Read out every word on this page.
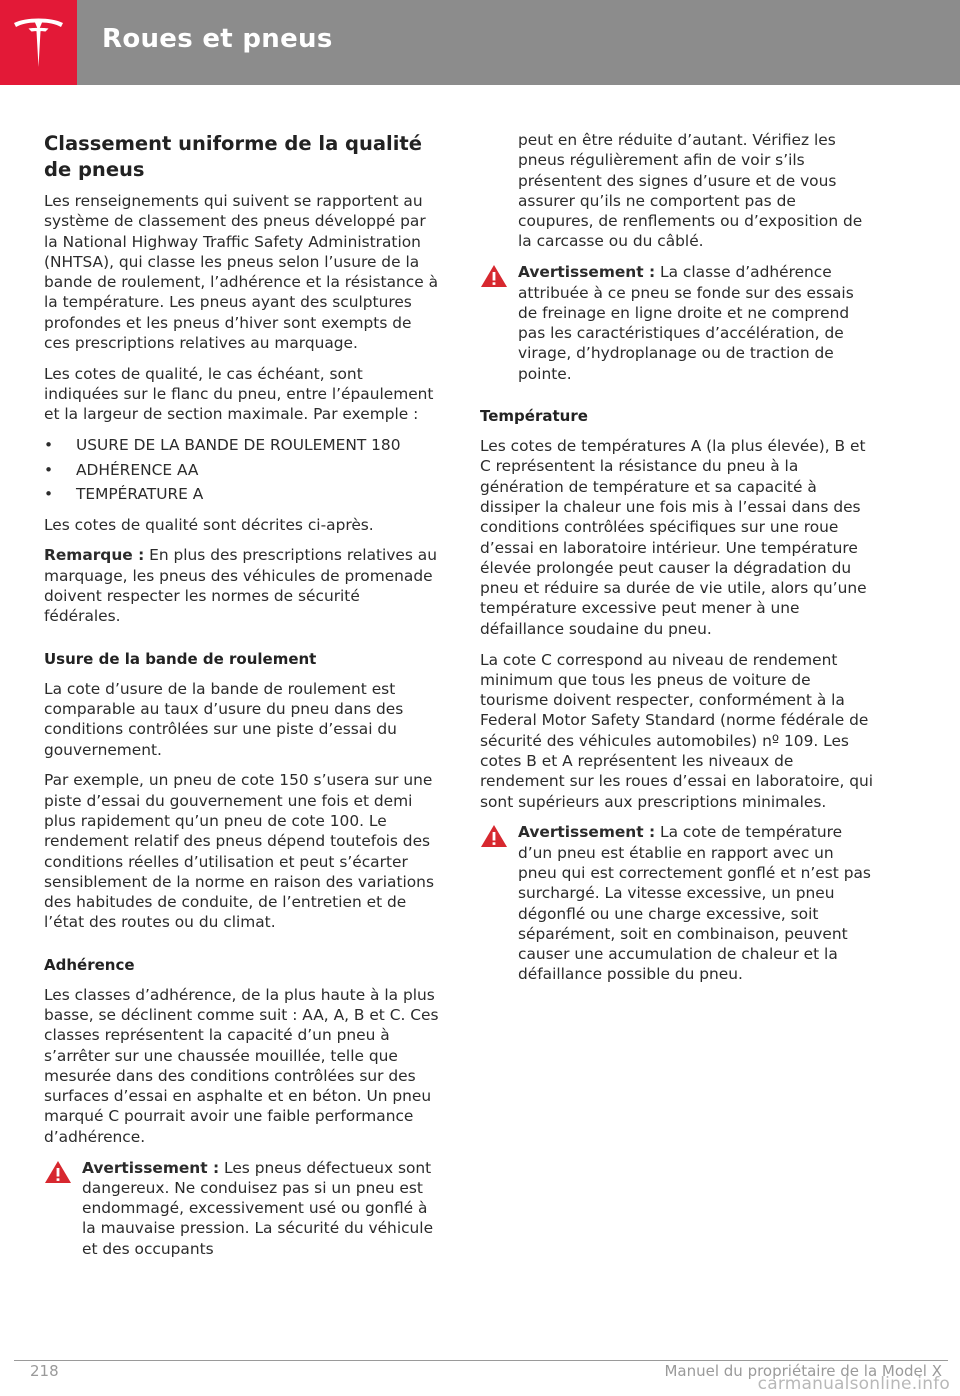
Roues et pneus
Classement uniforme de la qualité de pneus

Les renseignements qui suivent se rapportent au système de classement des pneus développé par la National Highway Traffic Safety Administration (NHTSA), qui classe les pneus selon l’usure de la bande de roulement, l’adhérence et la résistance à la température. Les pneus ayant des sculptures profondes et les pneus d’hiver sont exempts de ces prescriptions relatives au marquage.

Les cotes de qualité, le cas échéant, sont indiquées sur le flanc du pneu, entre l’épaulement et la largeur de section maximale. Par exemple :

• USURE DE LA BANDE DE ROULEMENT 180
• ADHÉRENCE AA
• TEMPÉRATURE A

Les cotes de qualité sont décrites ci-après.

Remarque : En plus des prescriptions relatives au marquage, les pneus des véhicules de promenade doivent respecter les normes de sécurité fédérales.

Usure de la bande de roulement

La cote d’usure de la bande de roulement est comparable au taux d’usure du pneu dans des conditions contrôlées sur une piste d’essai du gouvernement.

Par exemple, un pneu de cote 150 s’usera sur une piste d’essai du gouvernement une fois et demi plus rapidement qu’un pneu de cote 100. Le rendement relatif des pneus dépend toutefois des conditions réelles d’utilisation et peut s’écarter sensiblement de la norme en raison des variations des habitudes de conduite, de l’entretien et de l’état des routes ou du climat.

Adhérence

Les classes d’adhérence, de la plus haute à la plus basse, se déclinent comme suit : AA, A, B et C. Ces classes représentent la capacité d’un pneu à s’arrêter sur une chaussée mouillée, telle que mesurée dans des conditions contrôlées sur des surfaces d’essai en asphalte et en béton. Un pneu marqué C pourrait avoir une faible performance d’adhérence.

Avertissement : Les pneus défectueux sont dangereux. Ne conduisez pas si un pneu est endommagé, excessivement usé ou gonflé à la mauvaise pression. La sécurité du véhicule et des occupants

peut en être réduite d’autant. Vérifiez les pneus régulièrement afin de voir s’ils présentent des signes d’usure et de vous assurer qu’ils ne comportent pas de coupures, de renflements ou d’exposition de la carcasse ou du câblé.

Avertissement : La classe d’adhérence attribuée à ce pneu se fonde sur des essais de freinage en ligne droite et ne comprend pas les caractéristiques d’accélération, de virage, d’hydroplanage ou de traction de pointe.
Température

Les cotes de températures A (la plus élevée), B et C représentent la résistance du pneu à la génération de température et sa capacité à dissiper la chaleur une fois mis à l’essai dans des conditions contrôlées spécifiques sur une roue d’essai en laboratoire intérieur. Une température élevée prolongée peut causer la dégradation du pneu et réduire sa durée de vie utile, alors qu’une température excessive peut mener à une défaillance soudaine du pneu.

La cote C correspond au niveau de rendement minimum que tous les pneus de voiture de tourisme doivent respecter, conformément à la Federal Motor Safety Standard (norme fédérale de sécurité des véhicules automobiles) nº 109. Les cotes B et A représentent les niveaux de rendement sur les roues d’essai en laboratoire, qui sont supérieurs aux prescriptions minimales.

Avertissement : La cote de température d’un pneu est établie en rapport avec un pneu qui est correctement gonflé et n’est pas surchargé. La vitesse excessive, un pneu dégonflé ou une charge excessive, soit séparément, soit en combinaison, peuvent causer une accumulation de chaleur et la défaillance possible du pneu.
218	Manuel du propriétaire de la Model X
carmanualsonline.info
